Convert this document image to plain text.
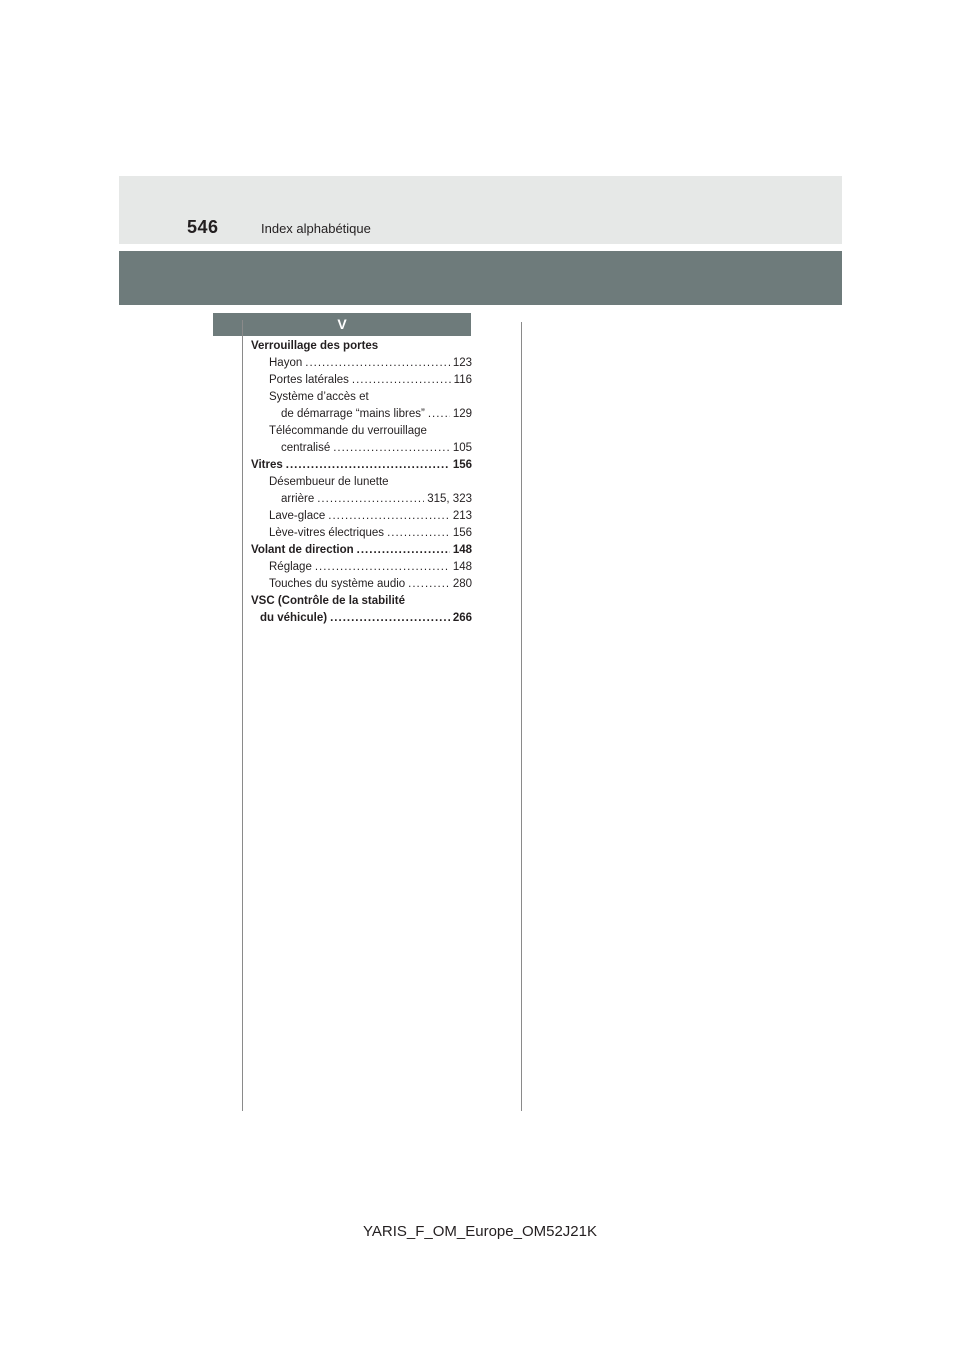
546	Index alphabétique
V
Verrouillage des portes
Hayon .....	123
Portes latérales .....	116
Système d’accès et
de démarrage “mains libres” ..... 129
Télécommande du verrouillage
centralisé .....	105
Vitres .....	156
Désembueur de lunette
arrière .....	315, 323
Lave-glace .....	213
Lève-vitres électriques .....	156
Volant de direction .....	148
Réglage .....	148
Touches du système audio .....	280
VSC (Contrôle de la stabilité
du véhicule) .....	266
YARIS_F_OM_Europe_OM52J21K
